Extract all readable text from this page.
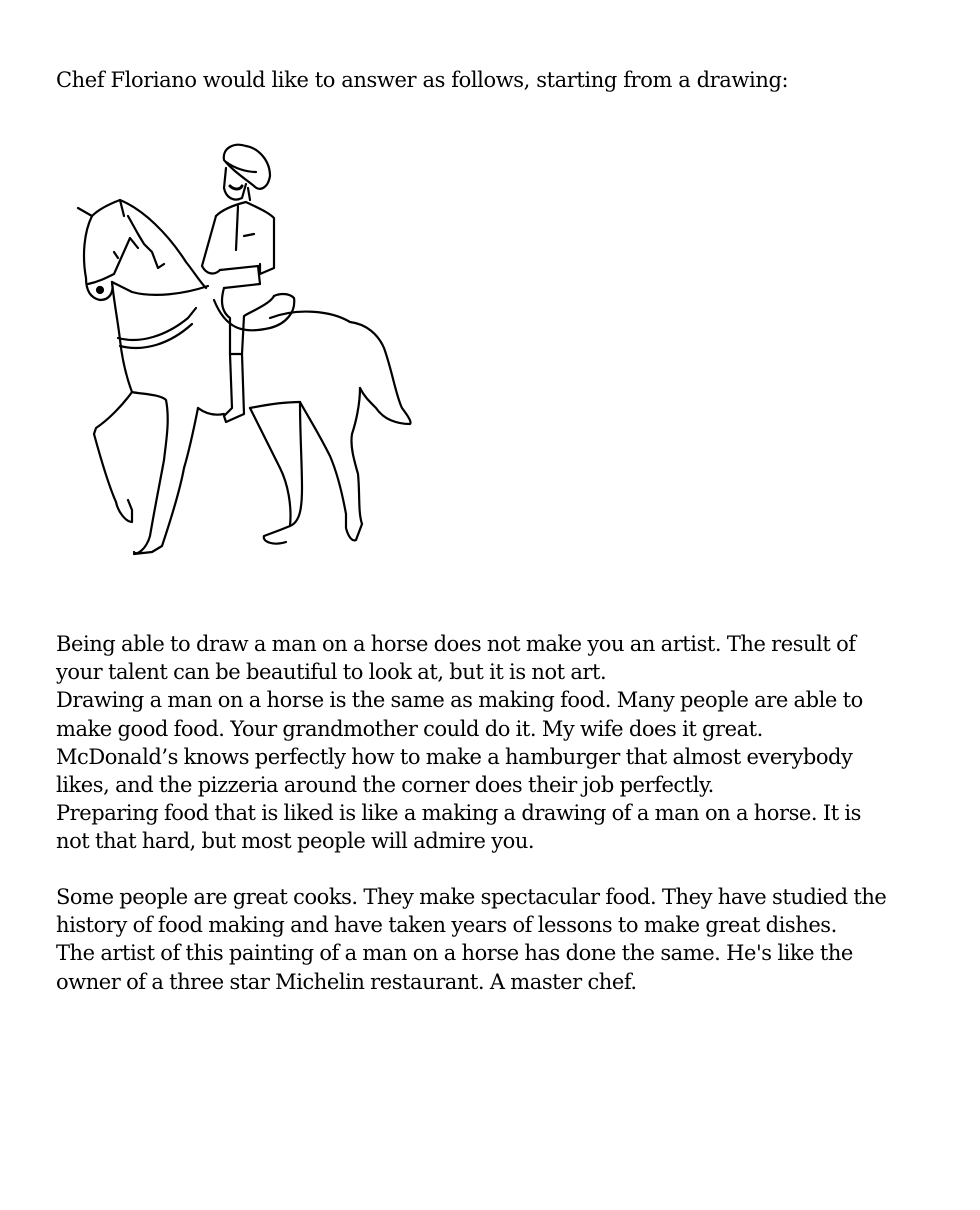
Chef Floriano would like to answer as follows, starting from a drawing:

Being able to draw a man on a horse does not make you an artist. The result of

your talent can be beautiful to look at, but it is not art.

Drawing a man on a horse is the same as making food. Many people are able to

make good food. Your grandmother could do it. My wife does it great.

McDonald’s knows perfectly how to make a hamburger that almost everybody

likes, and the pizzeria around the corner does their job perfectly.

Preparing food that is liked is like a making a drawing of a man on a horse. It is

not that hard, but most people will admire you.

Some people are great cooks. They make spectacular food. They have studied the

history of food making and have taken years of lessons to make great dishes.

The artist of this painting of a man on a horse has done the same. He's like the

owner of a three star Michelin restaurant. A master chef.
